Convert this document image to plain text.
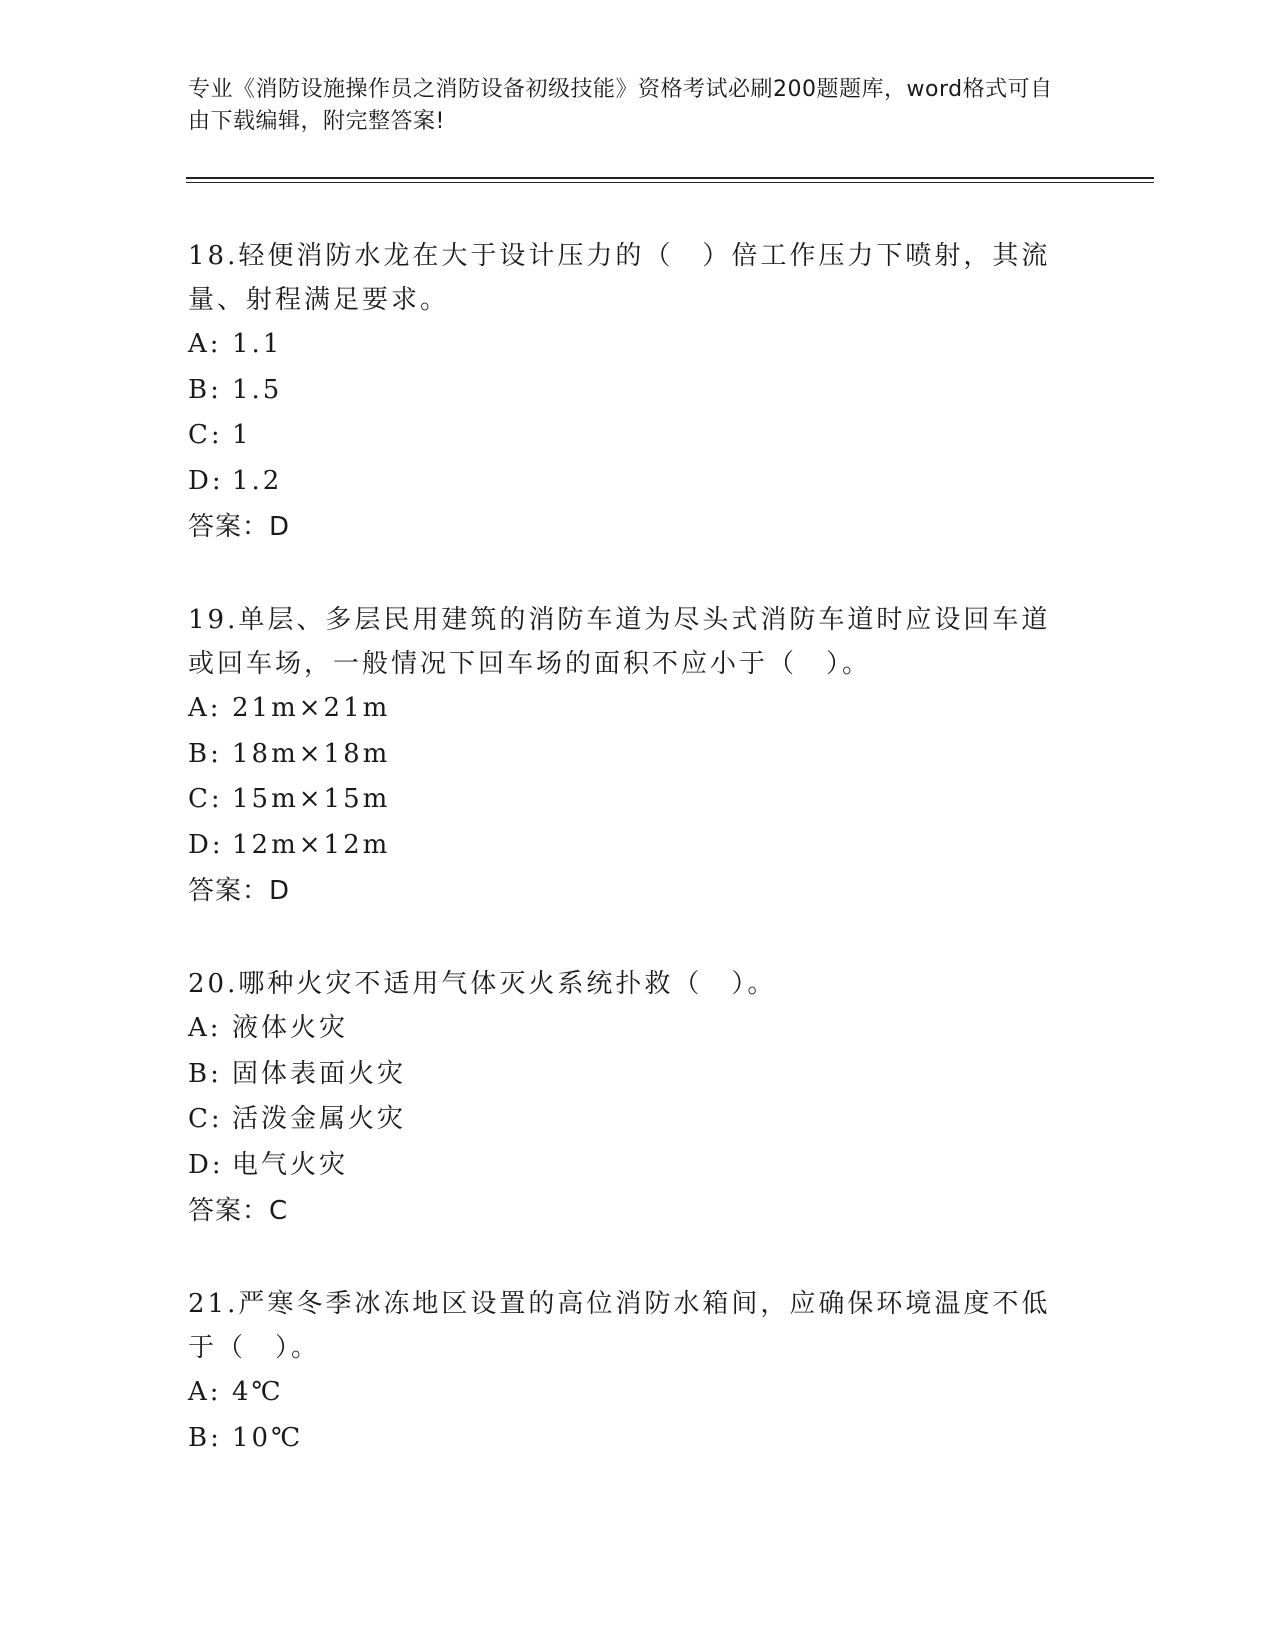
专业《消防设施操作员之消防设备初级技能》资格考试必刷200题题库，word格式可自由下载编辑，附完整答案!

18.轻便消防水龙在大于设计压力的（　）倍工作压力下喷射，其流量、射程满足要求。

A: 1.1

B: 1.5

C: 1

D: 1.2

答案：D

19.单层、多层民用建筑的消防车道为尽头式消防车道时应设回车道或回车场，一般情况下回车场的面积不应小于（　）。

A: 21m×21m

B: 18m×18m

C: 15m×15m

D: 12m×12m

答案：D

20.哪种火灾不适用气体灭火系统扑救（　）。

A: 液体火灾

B: 固体表面火灾

C: 活泼金属火灾

D: 电气火灾

答案：C

21.严寒冬季冰冻地区设置的高位消防水箱间，应确保环境温度不低于（　）。

A: 4℃

B: 10℃
